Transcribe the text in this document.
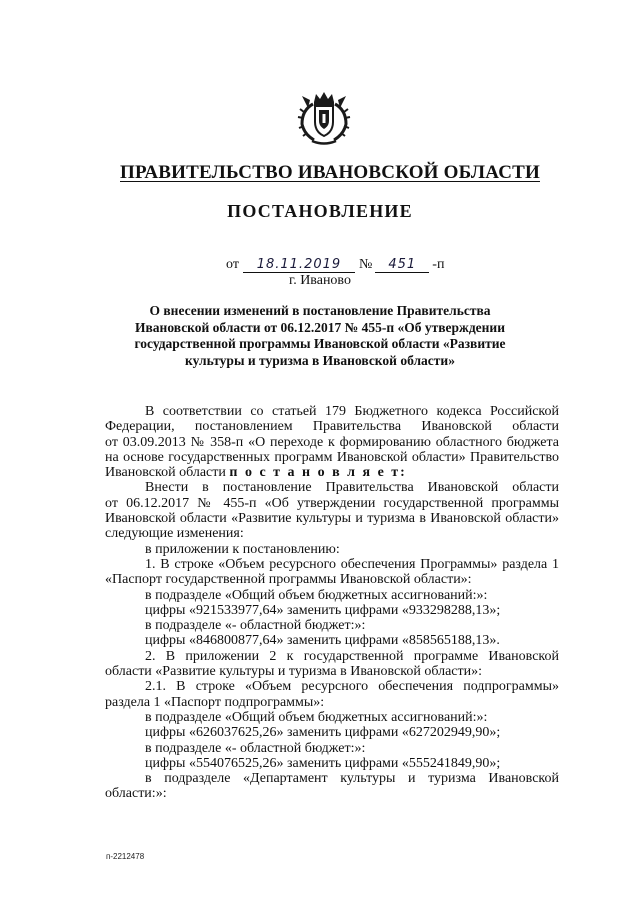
ПРАВИТЕЛЬСТВО ИВАНОВСКОЙ ОБЛАСТИ
ПОСТАНОВЛЕНИЕ
от 18.11.2019 № 451 -п
г. Иваново
О внесении изменений в постановление Правительства
Ивановской области от 06.12.2017 № 455-п «Об утверждении
государственной программы Ивановской области «Развитие
культуры и туризма в Ивановской области»
В соответствии со статьей 179 Бюджетного кодекса Российской
Федерации, постановлением Правительства Ивановской области
от 03.09.2013 № 358-п «О переходе к формированию областного бюджета
на основе государственных программ Ивановской области» Правительство
Ивановской области п о с т а н о в л я е т:
Внести в постановление Правительства Ивановской области
от 06.12.2017 № 455-п «Об утверждении государственной программы
Ивановской области «Развитие культуры и туризма в Ивановской области»
следующие изменения:
в приложении к постановлению:
1. В строке «Объем ресурсного обеспечения Программы» раздела 1
«Паспорт государственной программы Ивановской области»:
в подразделе «Общий объем бюджетных ассигнований:»:
цифры «921533977,64» заменить цифрами «933298288,13»;
в подразделе «- областной бюджет:»:
цифры «846800877,64» заменить цифрами «858565188,13».
2. В приложении 2 к государственной программе Ивановской
области «Развитие культуры и туризма в Ивановской области»:
2.1. В строке «Объем ресурсного обеспечения подпрограммы»
раздела 1 «Паспорт подпрограммы»:
в подразделе «Общий объем бюджетных ассигнований:»:
цифры «626037625,26» заменить цифрами «627202949,90»;
в подразделе «- областной бюджет:»:
цифры «554076525,26» заменить цифрами «555241849,90»;
в подразделе «Департамент культуры и туризма Ивановской
области:»:
п-2212478
